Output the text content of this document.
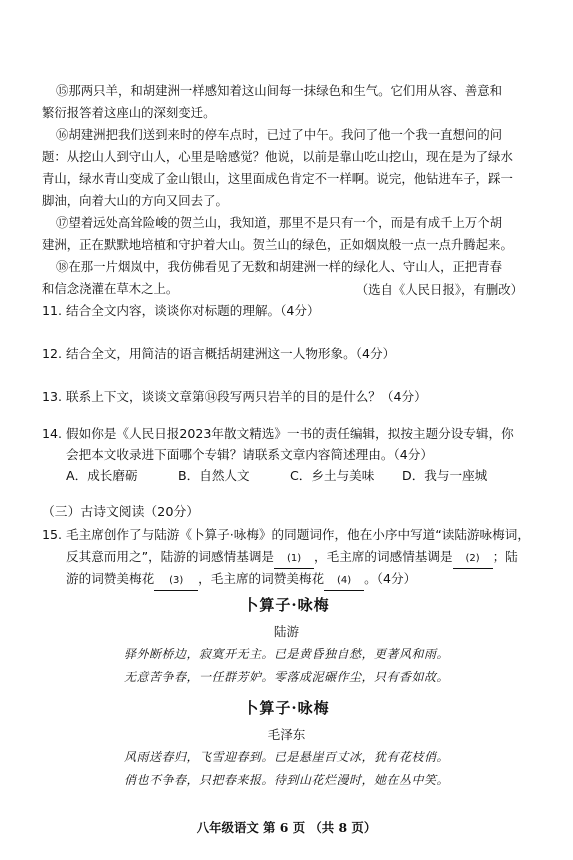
⑮那两只羊，和胡建洲一样感知着这山间每一抹绿色和生气。它们用从容、善意和
繁衍报答着这座山的深刻变迁。
⑯胡建洲把我们送到来时的停车点时，已过了中午。我问了他一个我一直想问的问
题：从挖山人到守山人，心里是啥感觉？他说，以前是靠山吃山挖山，现在是为了绿水
青山，绿水青山变成了金山银山，这里面成色肯定不一样啊。说完，他钻进车子，踩一
脚油，向着大山的方向又回去了。
⑰望着远处高耸险峻的贺兰山，我知道，那里不是只有一个，而是有成千上万个胡
建洲，正在默默地培植和守护着大山。贺兰山的绿色，正如烟岚般一点一点升腾起来。
⑱在那一片烟岚中，我仿佛看见了无数和胡建洲一样的绿化人、守山人，正把青春
和信念浇灌在草木之上。	（选自《人民日报》，有删改）
11. 结合全文内容，谈谈你对标题的理解。（4分）
12. 结合全文，用简洁的语言概括胡建洲这一人物形象。（4分）
13. 联系上下文，谈谈文章第⑭段写两只岩羊的目的是什么？（4分）
14. 假如你是《人民日报2023年散文精选》一书的责任编辑，拟按主题分设专辑，你
会把本文收录进下面哪个专辑？请联系文章内容简述理由。（4分）
A．成长磨砺	B．自然人文	C．乡土与美味 D．我与一座城
（三）古诗文阅读（20分）
15. 毛主席创作了与陆游《卜算子·咏梅》的同题词作，他在小序中写道“读陆游咏梅词，
反其意而用之”，陆游的词感情基调是 (1) ，毛主席的词感情基调是 (2) ；陆
游的词赞美梅花 (3) ，毛主席的词赞美梅花 (4) 。（4分）
卜算子·咏梅
陆游
驿外断桥边，寂寞开无主。已是黄昏独自愁，更著风和雨。
无意苦争春，一任群芳妒。零落成泥碾作尘，只有香如故。
卜算子·咏梅
毛泽东
风雨送春归，飞雪迎春到。已是悬崖百丈冰，犹有花枝俏。
俏也不争春，只把春来报。待到山花烂漫时，她在丛中笑。
八年级语文 第 6 页 （共 8 页）
